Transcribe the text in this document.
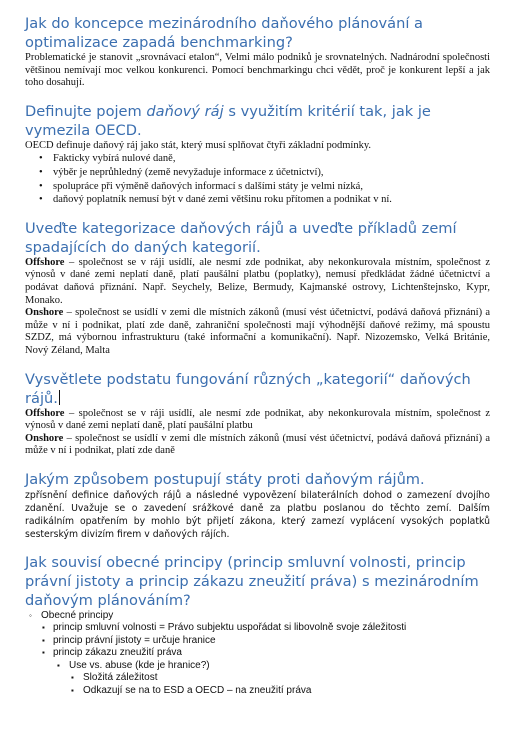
Jak do koncepce mezinárodního daňového plánování a optimalizace zapadá benchmarking?

Problematické je stanovit „srovnávací etalon“, Velmi málo podniků je srovnatelných. Nadnárodní společnosti většinou nemívají moc velkou konkurenci. Pomocí benchmarkingu chci vědět, proč je konkurent lepší a jak toho dosahují.

Definujte pojem daňový ráj s využitím kritérií tak, jak je vymezila OECD.

OECD definuje daňový ráj jako stát, který musí splňovat čtyři základní podmínky.

• Fakticky vybírá nulové daně,
• výběr je neprůhledný (země nevyžaduje informace z účetnictví),
• spolupráce při výměně daňových informací s dalšími státy je velmi nízká,
• daňový poplatník nemusí být v dané zemi většinu roku přítomen a podnikat v ní.
Uveďte kategorizace daňových rájů a uveďte příkladů zemí spadajících do daných kategorií.

Offshore – společnost se v ráji usídlí, ale nesmí zde podnikat, aby nekonkurovala místním, společnost z výnosů v dané zemi neplatí daně, platí paušální platbu (poplatky), nemusí předkládat žádné účetnictví a podávat daňová přiznání. Např. Seychely, Belize, Bermudy, Kajmanské ostrovy, Lichtenštejnsko, Kypr, Monako.

Onshore – společnost se usídlí v zemi dle místních zákonů (musí vést účetnictví, podává daňová přiznání) a může v ní i podnikat, platí zde daně, zahraniční společnosti mají výhodnější daňové režimy, má spoustu SZDZ, má výbornou infrastrukturu (také informační a komunikační). Např. Nizozemsko, Velká Británie, Nový Zéland, Malta

Vysvětlete podstatu fungování různých „kategorií“ daňových rájů.

Offshore – společnost se v ráji usídlí, ale nesmí zde podnikat, aby nekonkurovala místním, společnost z výnosů v dané zemi neplatí daně, platí paušální platbu

Onshore – společnost se usídlí v zemi dle místních zákonů (musí vést účetnictví, podává daňová přiznání) a může v ní i podnikat, platí zde daně

Jakým způsobem postupují státy proti daňovým rájům.

zpřísnění definice daňových rájů a následné vypovězení bilaterálních dohod o zamezení dvojího zdanění. Uvažuje se o zavedení srážkové daně za platbu poslanou do těchto zemí. Dalším radikálním opatřením by mohlo být přijetí zákona, který zamezí vyplácení vysokých poplatků sesterským divizím firem v daňových rájích.

Jak souvisí obecné principy (princip smluvní volnosti, princip právní jistoty a princip zákazu zneužití práva) s mezinárodním daňovým plánováním?
◦ Obecné principy
▪ princip smluvní volnosti = Právo subjektu uspořádat si libovolně svoje záležitosti
▪ princip právní jistoty = určuje hranice
▪ princip zákazu zneužití práva
▪ Use vs. abuse (kde je hranice?)
▪ Složitá záležitost
▪ Odkazují se na to ESD a OECD – na zneužití práva
